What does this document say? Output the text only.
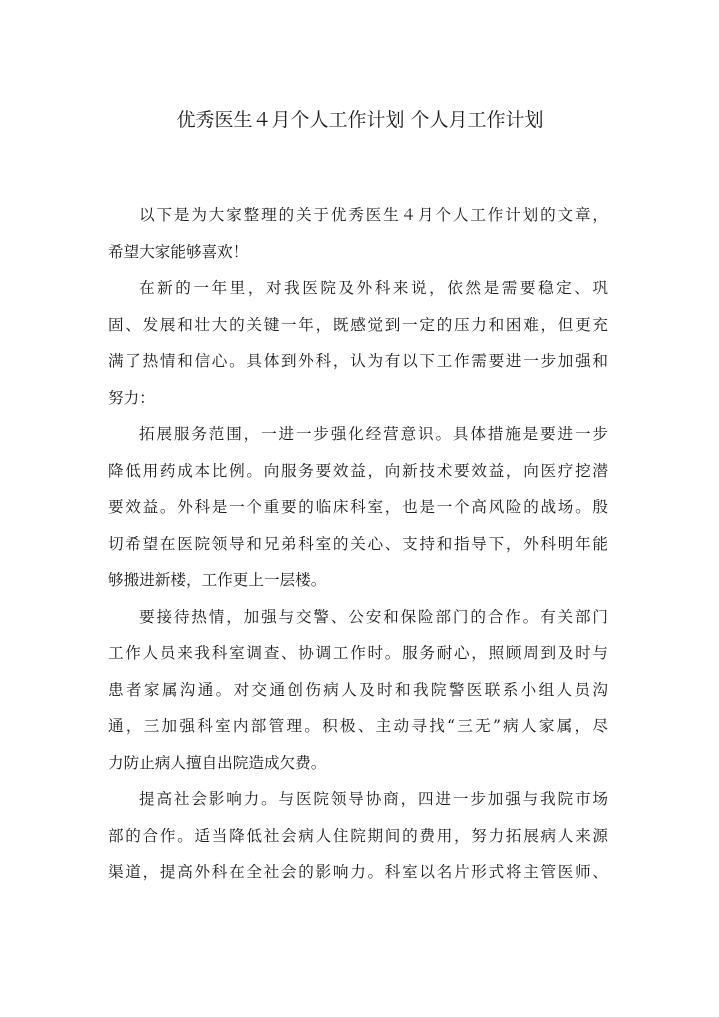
优秀医生４月个人工作计划 个人月工作计划
以下是为大家整理的关于优秀医生４月个人工作计划的文章，
希望大家能够喜欢！
在新的一年里，对我医院及外科来说，依然是需要稳定、巩
固、发展和壮大的关键一年，既感觉到一定的压力和困难，但更充
满了热情和信心。具体到外科，认为有以下工作需要进一步加强和
努力：
拓展服务范围，一进一步强化经营意识。具体措施是要进一步
降低用药成本比例。向服务要效益，向新技术要效益，向医疗挖潜
要效益。外科是一个重要的临床科室，也是一个高风险的战场。殷
切希望在医院领导和兄弟科室的关心、支持和指导下，外科明年能
够搬进新楼，工作更上一层楼。
要接待热情，加强与交警、公安和保险部门的合作。有关部门
工作人员来我科室调查、协调工作时。服务耐心，照顾周到及时与
患者家属沟通。对交通创伤病人及时和我院警医联系小组人员沟
通，三加强科室内部管理。积极、主动寻找“三无”病人家属，尽
力防止病人擅自出院造成欠费。
提高社会影响力。与医院领导协商，四进一步加强与我院市场
部的合作。适当降低社会病人住院期间的费用，努力拓展病人来源
渠道，提高外科在全社会的影响力。科室以名片形式将主管医师、
